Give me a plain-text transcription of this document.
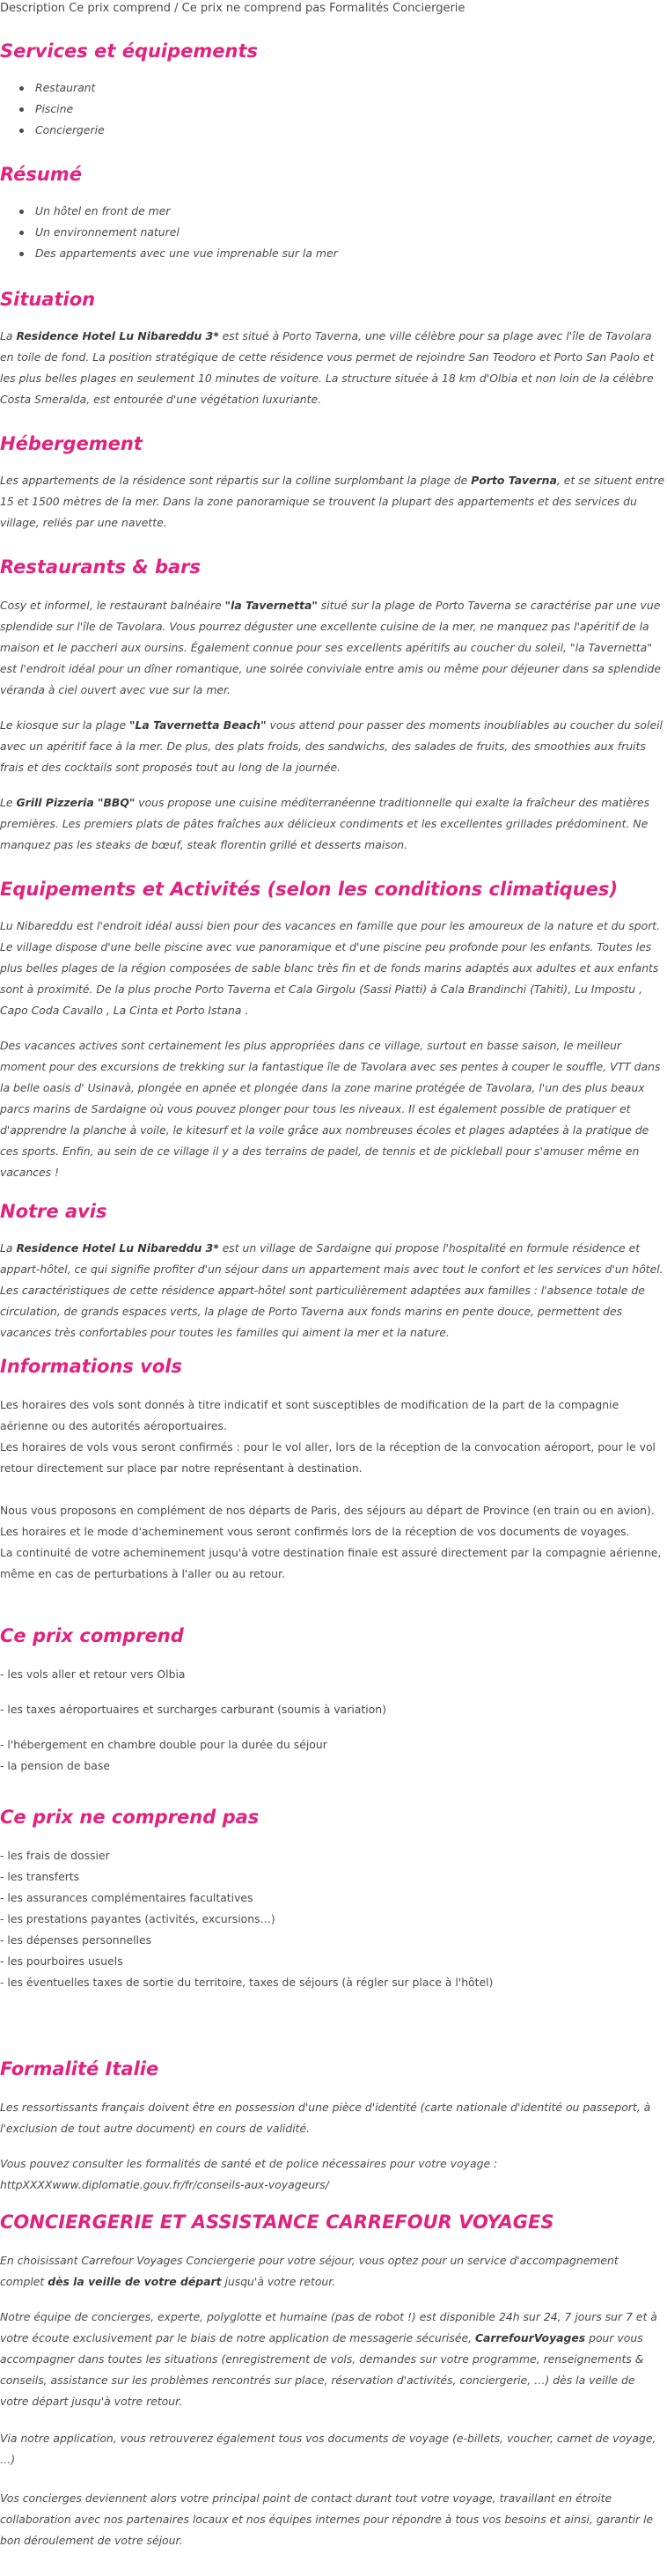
Description Ce prix comprend / Ce prix ne comprend pas Formalités Conciergerie
Services et équipements
Restaurant
Piscine
Conciergerie
Résumé
Un hôtel en front de mer
Un environnement naturel
Des appartements avec une vue imprenable sur la mer
Situation

La Residence Hotel Lu Nibareddu 3* est situé à Porto Taverna, une ville célèbre pour sa plage avec l'île de Tavolara en toile de fond. La position stratégique de cette résidence vous permet de rejoindre San Teodoro et Porto San Paolo et les plus belles plages en seulement 10 minutes de voiture. La structure située à 18 km d'Olbia et non loin de la célèbre Costa Smeralda, est entourée d'une végétation luxuriante.

Hébergement

Les appartements de la résidence sont répartis sur la colline surplombant la plage de Porto Taverna, et se situent entre 15 et 1500 mètres de la mer. Dans la zone panoramique se trouvent la plupart des appartements et des services du village, reliés par une navette.

Restaurants & bars

Cosy et informel, le restaurant balnéaire "la Tavernetta" situé sur la plage de Porto Taverna se caractérise par une vue splendide sur l'île de Tavolara. Vous pourrez déguster une excellente cuisine de la mer, ne manquez pas l'apéritif de la maison et le paccheri aux oursins. Également connue pour ses excellents apéritifs au coucher du soleil, "la Tavernetta" est l'endroit idéal pour un dîner romantique, une soirée conviviale entre amis ou même pour déjeuner dans sa splendide véranda à ciel ouvert avec vue sur la mer.

Le kiosque sur la plage "La Tavernetta Beach" vous attend pour passer des moments inoubliables au coucher du soleil avec un apéritif face à la mer. De plus, des plats froids, des sandwichs, des salades de fruits, des smoothies aux fruits frais et des cocktails sont proposés tout au long de la journée.

Le Grill Pizzeria "BBQ" vous propose une cuisine méditerranéenne traditionnelle qui exalte la fraîcheur des matières premières. Les premiers plats de pâtes fraîches aux délicieux condiments et les excellentes grillades prédominent. Ne manquez pas les steaks de bœuf, steak florentin grillé et desserts maison.

Equipements et Activités (selon les conditions climatiques)

Lu Nibareddu est l'endroit idéal aussi bien pour des vacances en famille que pour les amoureux de la nature et du sport. Le village dispose d'une belle piscine avec vue panoramique et d'une piscine peu profonde pour les enfants. Toutes les plus belles plages de la région composées de sable blanc très fin et de fonds marins adaptés aux adultes et aux enfants sont à proximité. De la plus proche Porto Taverna et Cala Girgolu (Sassi Piatti) à Cala Brandinchi (Tahiti), Lu Impostu , Capo Coda Cavallo , La Cinta et Porto Istana .

Des vacances actives sont certainement les plus appropriées dans ce village, surtout en basse saison, le meilleur moment pour des excursions de trekking sur la fantastique île de Tavolara avec ses pentes à couper le souffle, VTT dans la belle oasis d' Usinavà, plongée en apnée et plongée dans la zone marine protégée de Tavolara, l'un des plus beaux parcs marins de Sardaigne où vous pouvez plonger pour tous les niveaux. Il est également possible de pratiquer et d'apprendre la planche à voile, le kitesurf et la voile grâce aux nombreuses écoles et plages adaptées à la pratique de ces sports. Enfin, au sein de ce village il y a des terrains de padel, de tennis et de pickleball pour s'amuser même en vacances !

Notre avis

La Residence Hotel Lu Nibareddu 3* est un village de Sardaigne qui propose l'hospitalité en formule résidence et appart-hôtel, ce qui signifie profiter d'un séjour dans un appartement mais avec tout le confort et les services d'un hôtel. Les caractéristiques de cette résidence appart-hôtel sont particulièrement adaptées aux familles : l'absence totale de circulation, de grands espaces verts, la plage de Porto Taverna aux fonds marins en pente douce, permettent des vacances très confortables pour toutes les familles qui aiment la mer et la nature.

Informations vols
Les horaires des vols sont donnés à titre indicatif et sont susceptibles de modification de la part de la compagnie aérienne ou des autorités aéroportuaires.
Les horaires de vols vous seront confirmés : pour le vol aller, lors de la réception de la convocation aéroport, pour le vol retour directement sur place par notre représentant à destination.
Nous vous proposons en complément de nos départs de Paris, des séjours au départ de Province (en train ou en avion).
Les horaires et le mode d'acheminement vous seront confirmés lors de la réception de vos documents de voyages.
La continuité de votre acheminement jusqu'à votre destination finale est assuré directement par la compagnie aérienne, même en cas de perturbations à l'aller ou au retour.
Ce prix comprend
- les vols aller et retour vers Olbia
- les taxes aéroportuaires et surcharges carburant (soumis à variation)
- l'hébergement en chambre double pour la durée du séjour
- la pension de base
Ce prix ne comprend pas
- les frais de dossier
- les transferts
- les assurances complémentaires facultatives
- les prestations payantes (activités, excursions…)
- les dépenses personnelles
- les pourboires usuels
- les éventuelles taxes de sortie du territoire, taxes de séjours (à régler sur place à l'hôtel)
Formalité Italie

Les ressortissants français doivent être en possession d'une pièce d'identité (carte nationale d'identité ou passeport, à l'exclusion de tout autre document) en cours de validité.

Vous pouvez consulter les formalités de santé et de police nécessaires pour votre voyage :
httpXXXXwww.diplomatie.gouv.fr/fr/conseils-aux-voyageurs/
CONCIERGERIE ET ASSISTANCE CARREFOUR VOYAGES

En choisissant Carrefour Voyages Conciergerie pour votre séjour, vous optez pour un service d'accompagnement complet dès la veille de votre départ jusqu'à votre retour.

Notre équipe de concierges, experte, polyglotte et humaine (pas de robot !) est disponible 24h sur 24, 7 jours sur 7 et à votre écoute exclusivement par le biais de notre application de messagerie sécurisée, CarrefourVoyages pour vous accompagner dans toutes les situations (enregistrement de vols, demandes sur votre programme, renseignements & conseils, assistance sur les problèmes rencontrés sur place, réservation d'activités, conciergerie, …) dès la veille de votre départ jusqu'à votre retour.

Via notre application, vous retrouverez également tous vos documents de voyage (e-billets, voucher, carnet de voyage, …)

Vos concierges deviennent alors votre principal point de contact durant tout votre voyage, travaillant en étroite collaboration avec nos partenaires locaux et nos équipes internes pour répondre à tous vos besoins et ainsi, garantir le bon déroulement de votre séjour.
